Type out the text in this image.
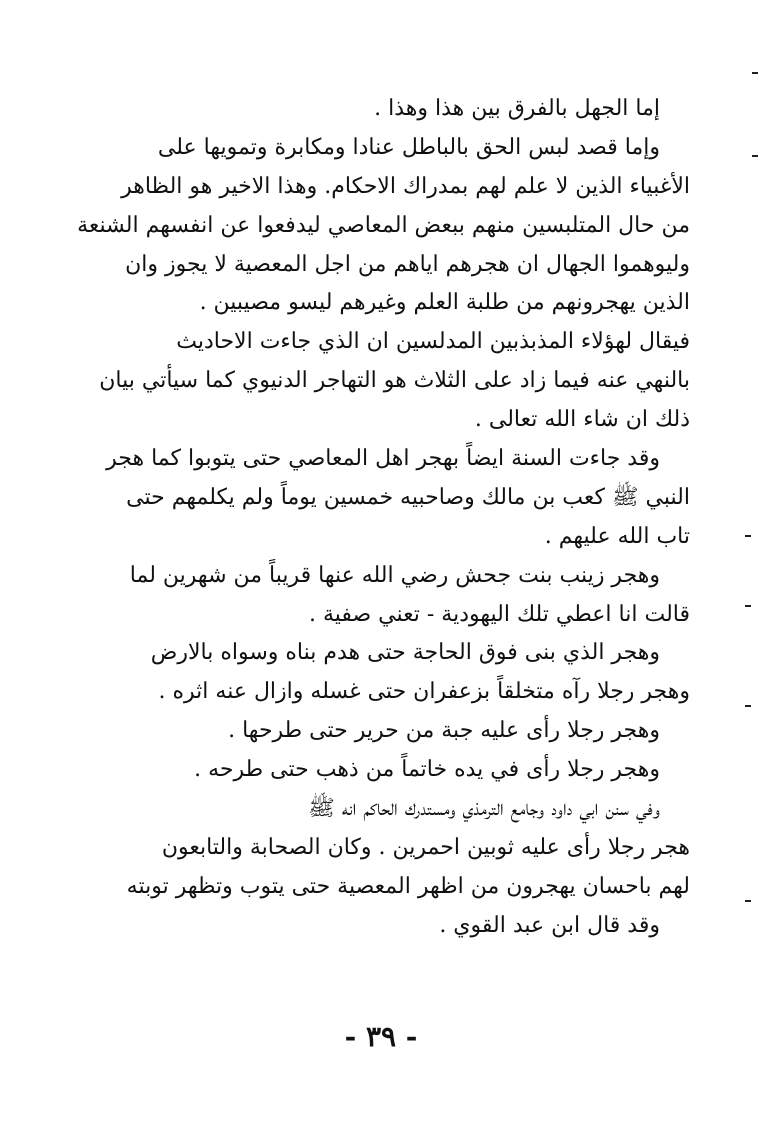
إما الجهل بالفرق بين هذا وهذا .
وإما قصد لبس الحق بالباطل عنادا ومكابرة وتمويها على
الأغبياء الذين لا علم لهم بمدراك الاحكام. وهذا الاخير هو الظاهر
من حال المتلبسين منهم ببعض المعاصي ليدفعوا عن انفسهم الشنعة
وليوهموا الجهال ان هجرهم اياهم من اجل المعصية لا يجوز وان
الذين يهجرونهم من طلبة العلم وغيرهم ليسو مصيبين .
فيقال لهؤلاء المذبذبين المدلسين ان الذي جاءت الاحاديث
بالنهي عنه فيما زاد على الثلاث هو التهاجر الدنيوي كما سيأتي بيان
ذلك ان شاء الله تعالى .
وقد جاءت السنة ايضاً بهجر اهل المعاصي حتى يتوبوا كما هجر
النبي ﷺ كعب بن مالك وصاحبيه خمسين يوماً ولم يكلمهم حتى
تاب الله عليهم .
وهجر زينب بنت جحش رضي الله عنها قريباً من شهرين لما
قالت انا اعطي تلك اليهودية - تعني صفية .
وهجر الذي بنى فوق الحاجة حتى هدم بناه وسواه بالارض
وهجر رجلا رآه متخلقاً بزعفران حتى غسله وازال عنه اثره .
وهجر رجلا رأى عليه جبة من حرير حتى طرحها .
وهجر رجلا رأى في يده خاتماً من ذهب حتى طرحه .
وفي سنن ابي داود وجامع الترمذي ومستدرك الحاكم انه ﷺ
هجر رجلا رأى عليه ثوبين احمرين . وكان الصحابة والتابعون
لهم باحسان يهجرون من اظهر المعصية حتى يتوب وتظهر توبته
وقد قال ابن عبد القوي .
- ٣٩ -
